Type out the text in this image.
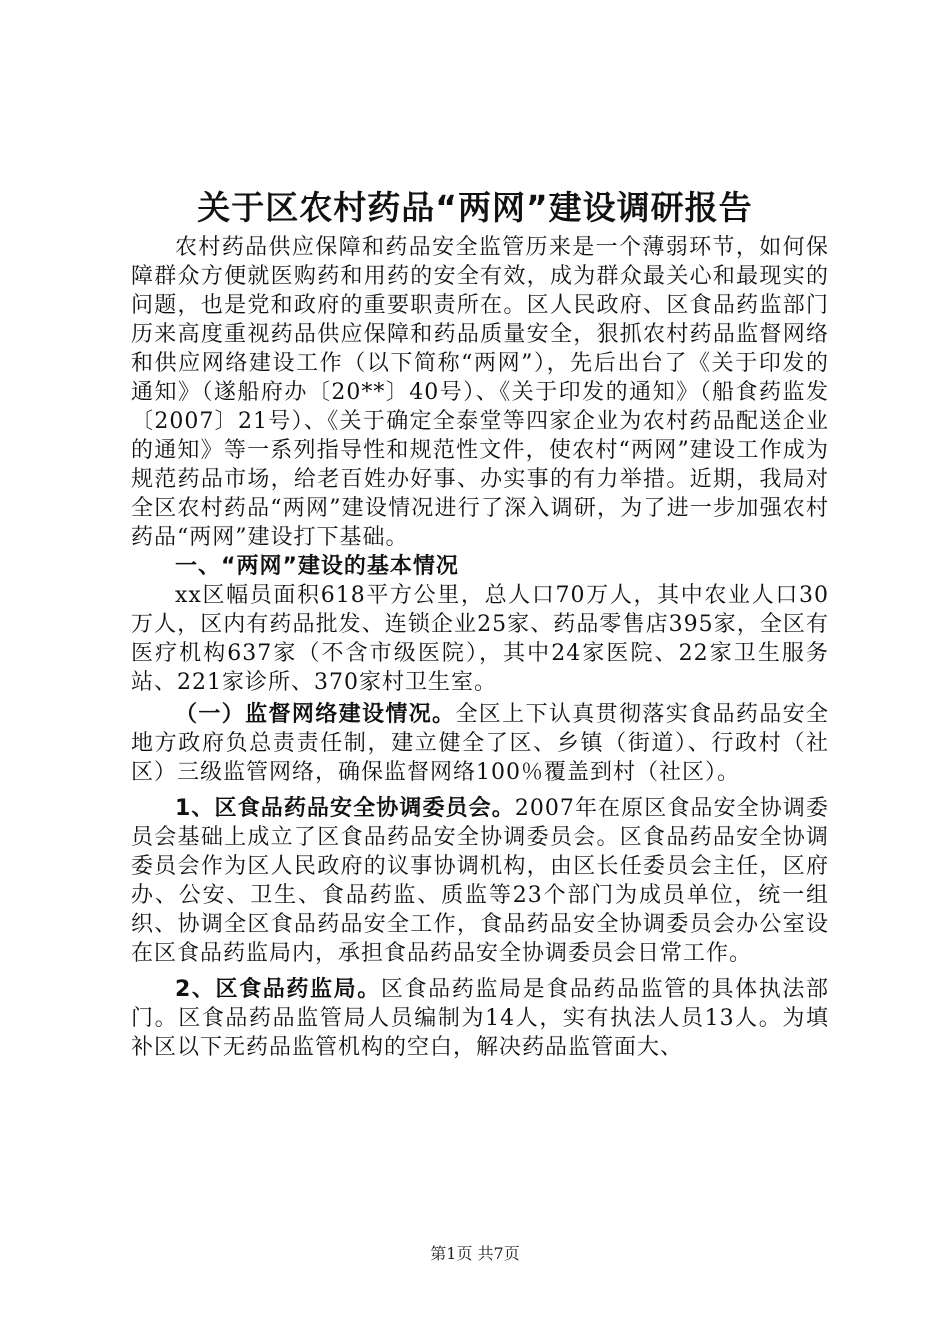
关于区农村药品“两网”建设调研报告

农村药品供应保障和药品安全监管历来是一个薄弱环节，如何保障群众方便就医购药和用药的安全有效，成为群众最关心和最现实的问题，也是党和政府的重要职责所在。区人民政府、区食品药监部门历来高度重视药品供应保障和药品质量安全，狠抓农村药品监督网络和供应网络建设工作（以下简称“两网”），先后出台了《关于印发的通知》（遂船府办〔20**〕40号）、《关于印发的通知》（船食药监发〔2007〕21号）、《关于确定全泰堂等四家企业为农村药品配送企业的通知》等一系列指导性和规范性文件，使农村“两网”建设工作成为规范药品市场，给老百姓办好事、办实事的有力举措。近期，我局对全区农村药品“两网”建设情况进行了深入调研，为了进一步加强农村药品“两网”建设打下基础。

一、“两网”建设的基本情况

xx区幅员面积618平方公里，总人口70万人，其中农业人口30万人，区内有药品批发、连锁企业25家、药品零售店395家，全区有医疗机构637家（不含市级医院），其中24家医院、22家卫生服务站、221家诊所、370家村卫生室。

（一）监督网络建设情况。全区上下认真贯彻落实食品药品安全地方政府负总责责任制，建立健全了区、乡镇（街道）、行政村（社区）三级监管网络，确保监督网络100％覆盖到村（社区）。

1、区食品药品安全协调委员会。2007年在原区食品安全协调委员会基础上成立了区食品药品安全协调委员会。区食品药品安全协调委员会作为区人民政府的议事协调机构，由区长任委员会主任，区府办、公安、卫生、食品药监、质监等23个部门为成员单位，统一组织、协调全区食品药品安全工作，食品药品安全协调委员会办公室设在区食品药监局内，承担食品药品安全协调委员会日常工作。

2、区食品药监局。区食品药监局是食品药品监管的具体执法部门。区食品药品监管局人员编制为14人，实有执法人员13人。为填补区以下无药品监管机构的空白，解决药品监管面大、

第1页 共7页
